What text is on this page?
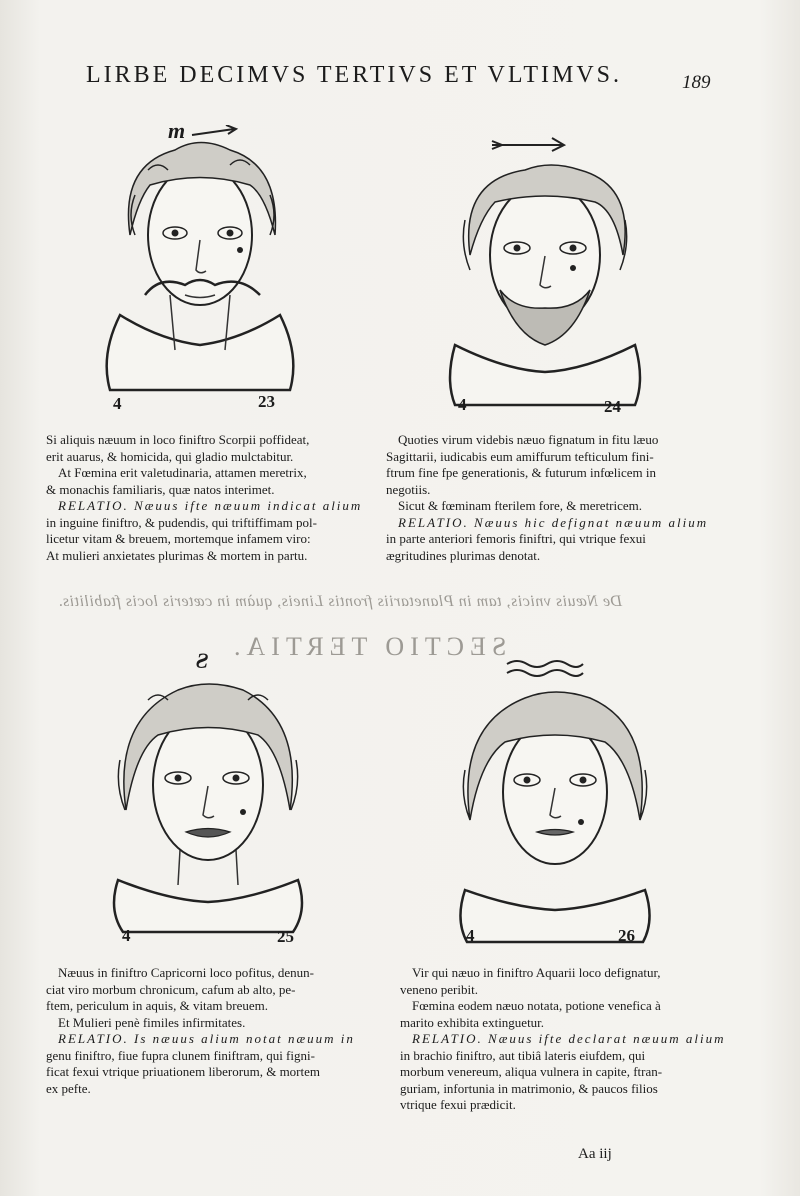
LIRBE DECIMVS TERTIVS ET VLTIMVS.	189
De Næuis vnicis, tam in Planetariis frontis Lineis, quàm in cæteris locis ftabilitis.
SECTIO TERTIA.
m
4	23	4	24

Si aliquis næuum in loco finiftro Scorpii poffideat,

erit auarus, & homicida, qui gladio mulctabitur.

At Fœmina erit valetudinaria, attamen meretrix,

& monachis familiaris, quæ natos interimet.

RELATIO. Næuus ifte næuum indicat alium

in inguine finiftro, & pudendis, qui triftiffimam pol-

licetur vitam & breuem, mortemque infamem viro:

At mulieri anxietates plurimas & mortem in partu.

Quoties virum videbis næuo fignatum in fitu læuo

Sagittarii, iudicabis eum amiffurum tefticulum fini-

ftrum fine fpe generationis, & futurum infœlicem in

negotiis.

Sicut & fœminam fterilem fore, & meretricem.

RELATIO. Næuus hic defignat næuum alium

in parte anteriori femoris finiftri, qui vtrique fexui

ægritudines plurimas denotat.

Ƨ
4	25	4	26

Næuus in finiftro Capricorni loco pofitus, denun-

ciat viro morbum chronicum, cafum ab alto, pe-

ftem, periculum in aquis, & vitam breuem.

Et Mulieri penè fimiles infirmitates.

RELATIO. Is næuus alium notat næuum in

genu finiftro, fiue fupra clunem finiftram, qui figni-

ficat fexui vtrique priuationem liberorum, & mortem

ex pefte.

Vir qui næuo in finiftro Aquarii loco defignatur,

veneno peribit.

Fœmina eodem næuo notata, potione venefica à

marito exhibita extinguetur.

RELATIO. Næuus ifte declarat næuum alium

in brachio finiftro, aut tibiâ lateris eiufdem, qui

morbum venereum, aliqua vulnera in capite, ftran-

guriam, infortunia in matrimonio, & paucos filios

vtrique fexui prædicit.

Aa iij
